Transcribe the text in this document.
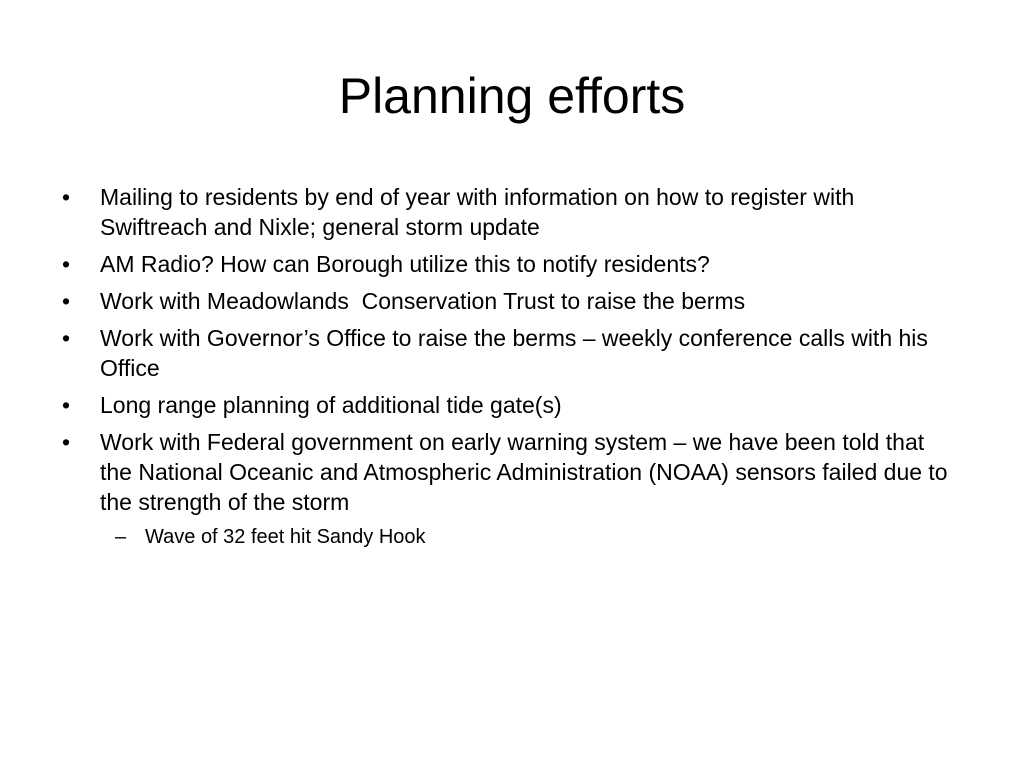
Planning efforts
•	Mailing to residents by end of year with information on how to register with Swiftreach and Nixle; general storm update
•	AM Radio? How can Borough utilize this to notify residents?
•	Work with Meadowlands  Conservation Trust to raise the berms
•	Work with Governor’s Office to raise the berms – weekly conference calls with his Office
•	Long range planning of additional tide gate(s)
•	Work with Federal government on early warning system – we have been told that the National Oceanic and Atmospheric Administration (NOAA) sensors failed due to the strength of the storm
– Wave of 32 feet hit Sandy Hook
